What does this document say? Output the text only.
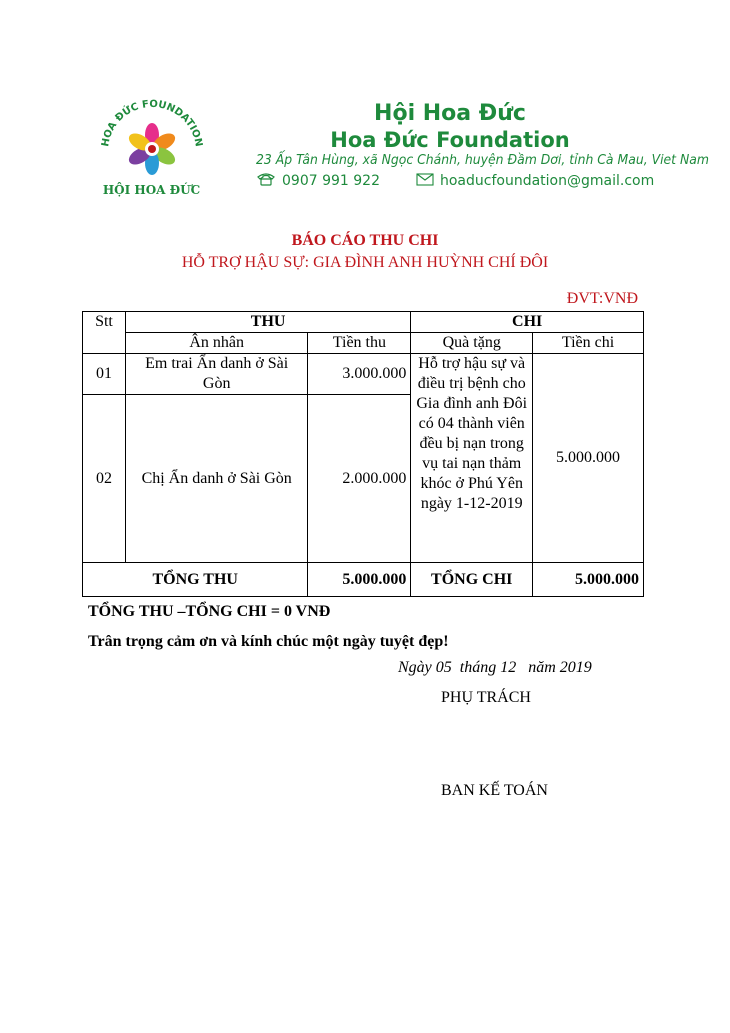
HOA ĐỨC FOUNDATION
HỘI HOA ĐỨC
Hội Hoa Đức
Hoa Đức Foundation
23 Ấp Tân Hùng, xã Ngọc Chánh, huyện Đầm Dơi, tỉnh Cà Mau, Viet Nam
0907 991 922	hoaducfoundation@gmail.com
BÁO CÁO THU CHI
HỖ TRỢ HẬU SỰ: GIA ĐÌNH ANH HUỲNH CHÍ ĐÔI
ĐVT:VNĐ
Stt	THU		CHI	
	Ân nhân	Tiền thu	Quà tặng	Tiền chi
01	Em trai Ẩn danh ở Sài Gòn	3.000.000	Hỗ trợ hậu sự và điều trị bệnh cho Gia đình anh Đôi có 04 thành viên đều bị nạn trong vụ tai nạn thảm khóc ở Phú Yên ngày 1-12-2019	5.000.000
02	Chị Ẩn danh ở Sài Gòn	2.000.000		
TỔNG THU		5.000.000	TỔNG CHI	5.000.000
TỔNG THU –TỔNG CHI = 0 VNĐ
Trân trọng cảm ơn và kính chúc một ngày tuyệt đẹp!
Ngày 05  tháng 12   năm 2019
PHỤ TRÁCH
BAN KẾ TOÁN
